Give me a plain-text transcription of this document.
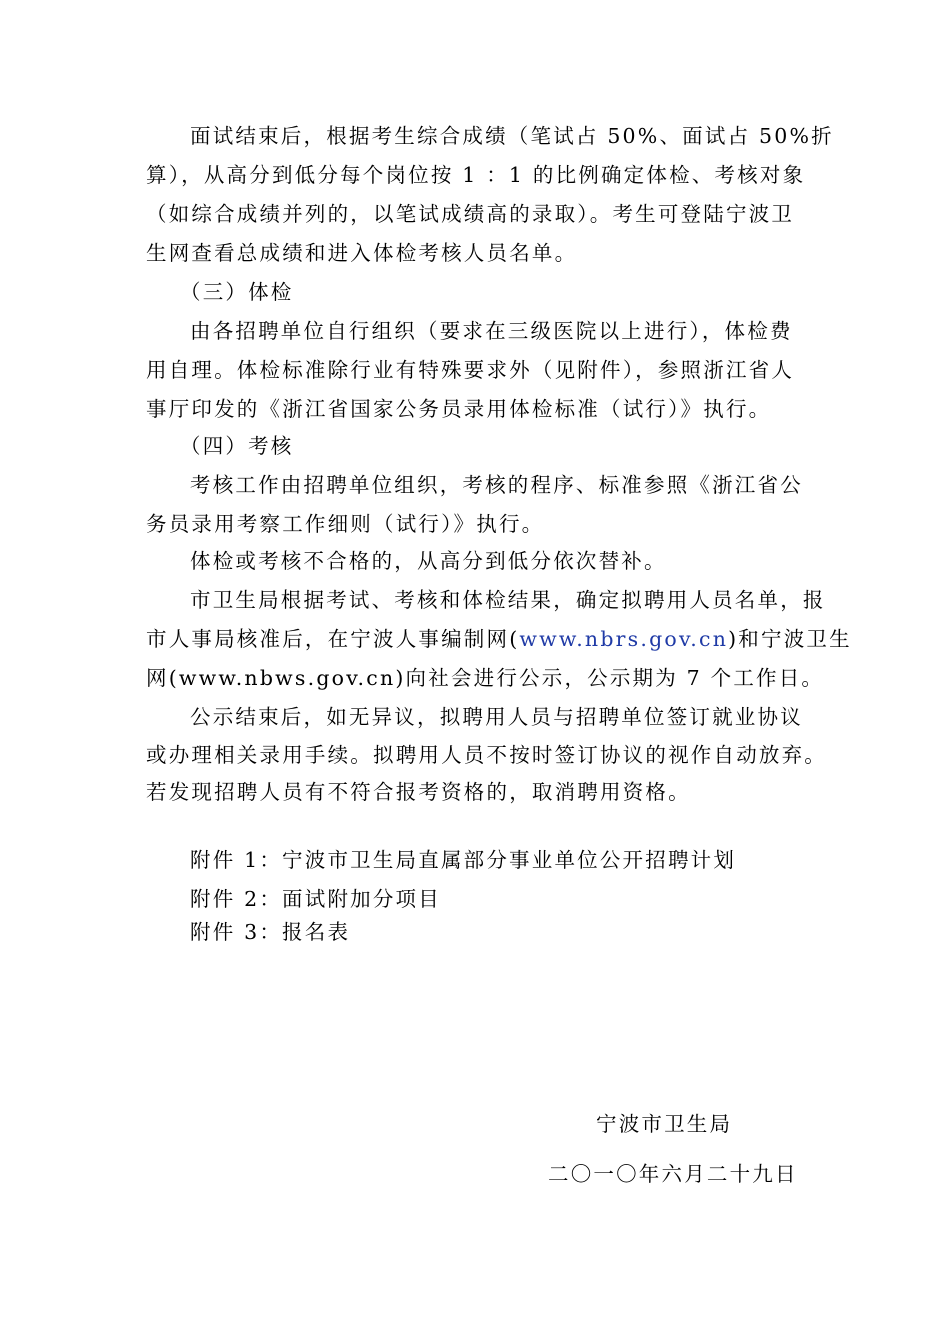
面试结束后，根据考生综合成绩（笔试占 50%、面试占 50%折
算），从高分到低分每个岗位按 1 ：1 的比例确定体检、考核对象
（如综合成绩并列的，以笔试成绩高的录取）。考生可登陆宁波卫
生网查看总成绩和进入体检考核人员名单。
（三）体检
由各招聘单位自行组织（要求在三级医院以上进行），体检费
用自理。体检标准除行业有特殊要求外（见附件），参照浙江省人
事厅印发的《浙江省国家公务员录用体检标准（试行）》执行。
（四）考核
考核工作由招聘单位组织，考核的程序、标准参照《浙江省公
务员录用考察工作细则（试行）》执行。
体检或考核不合格的，从高分到低分依次替补。
市卫生局根据考试、考核和体检结果，确定拟聘用人员名单，报
市人事局核准后，在宁波人事编制网(www.nbrs.gov.cn)和宁波卫生
网(www.nbws.gov.cn)向社会进行公示，公示期为 7 个工作日。
公示结束后，如无异议，拟聘用人员与招聘单位签订就业协议
或办理相关录用手续。拟聘用人员不按时签订协议的视作自动放弃。
若发现招聘人员有不符合报考资格的，取消聘用资格。
附件 1：宁波市卫生局直属部分事业单位公开招聘计划
附件 2：面试附加分项目
附件 3：报名表
宁波市卫生局
二〇一〇年六月二十九日
